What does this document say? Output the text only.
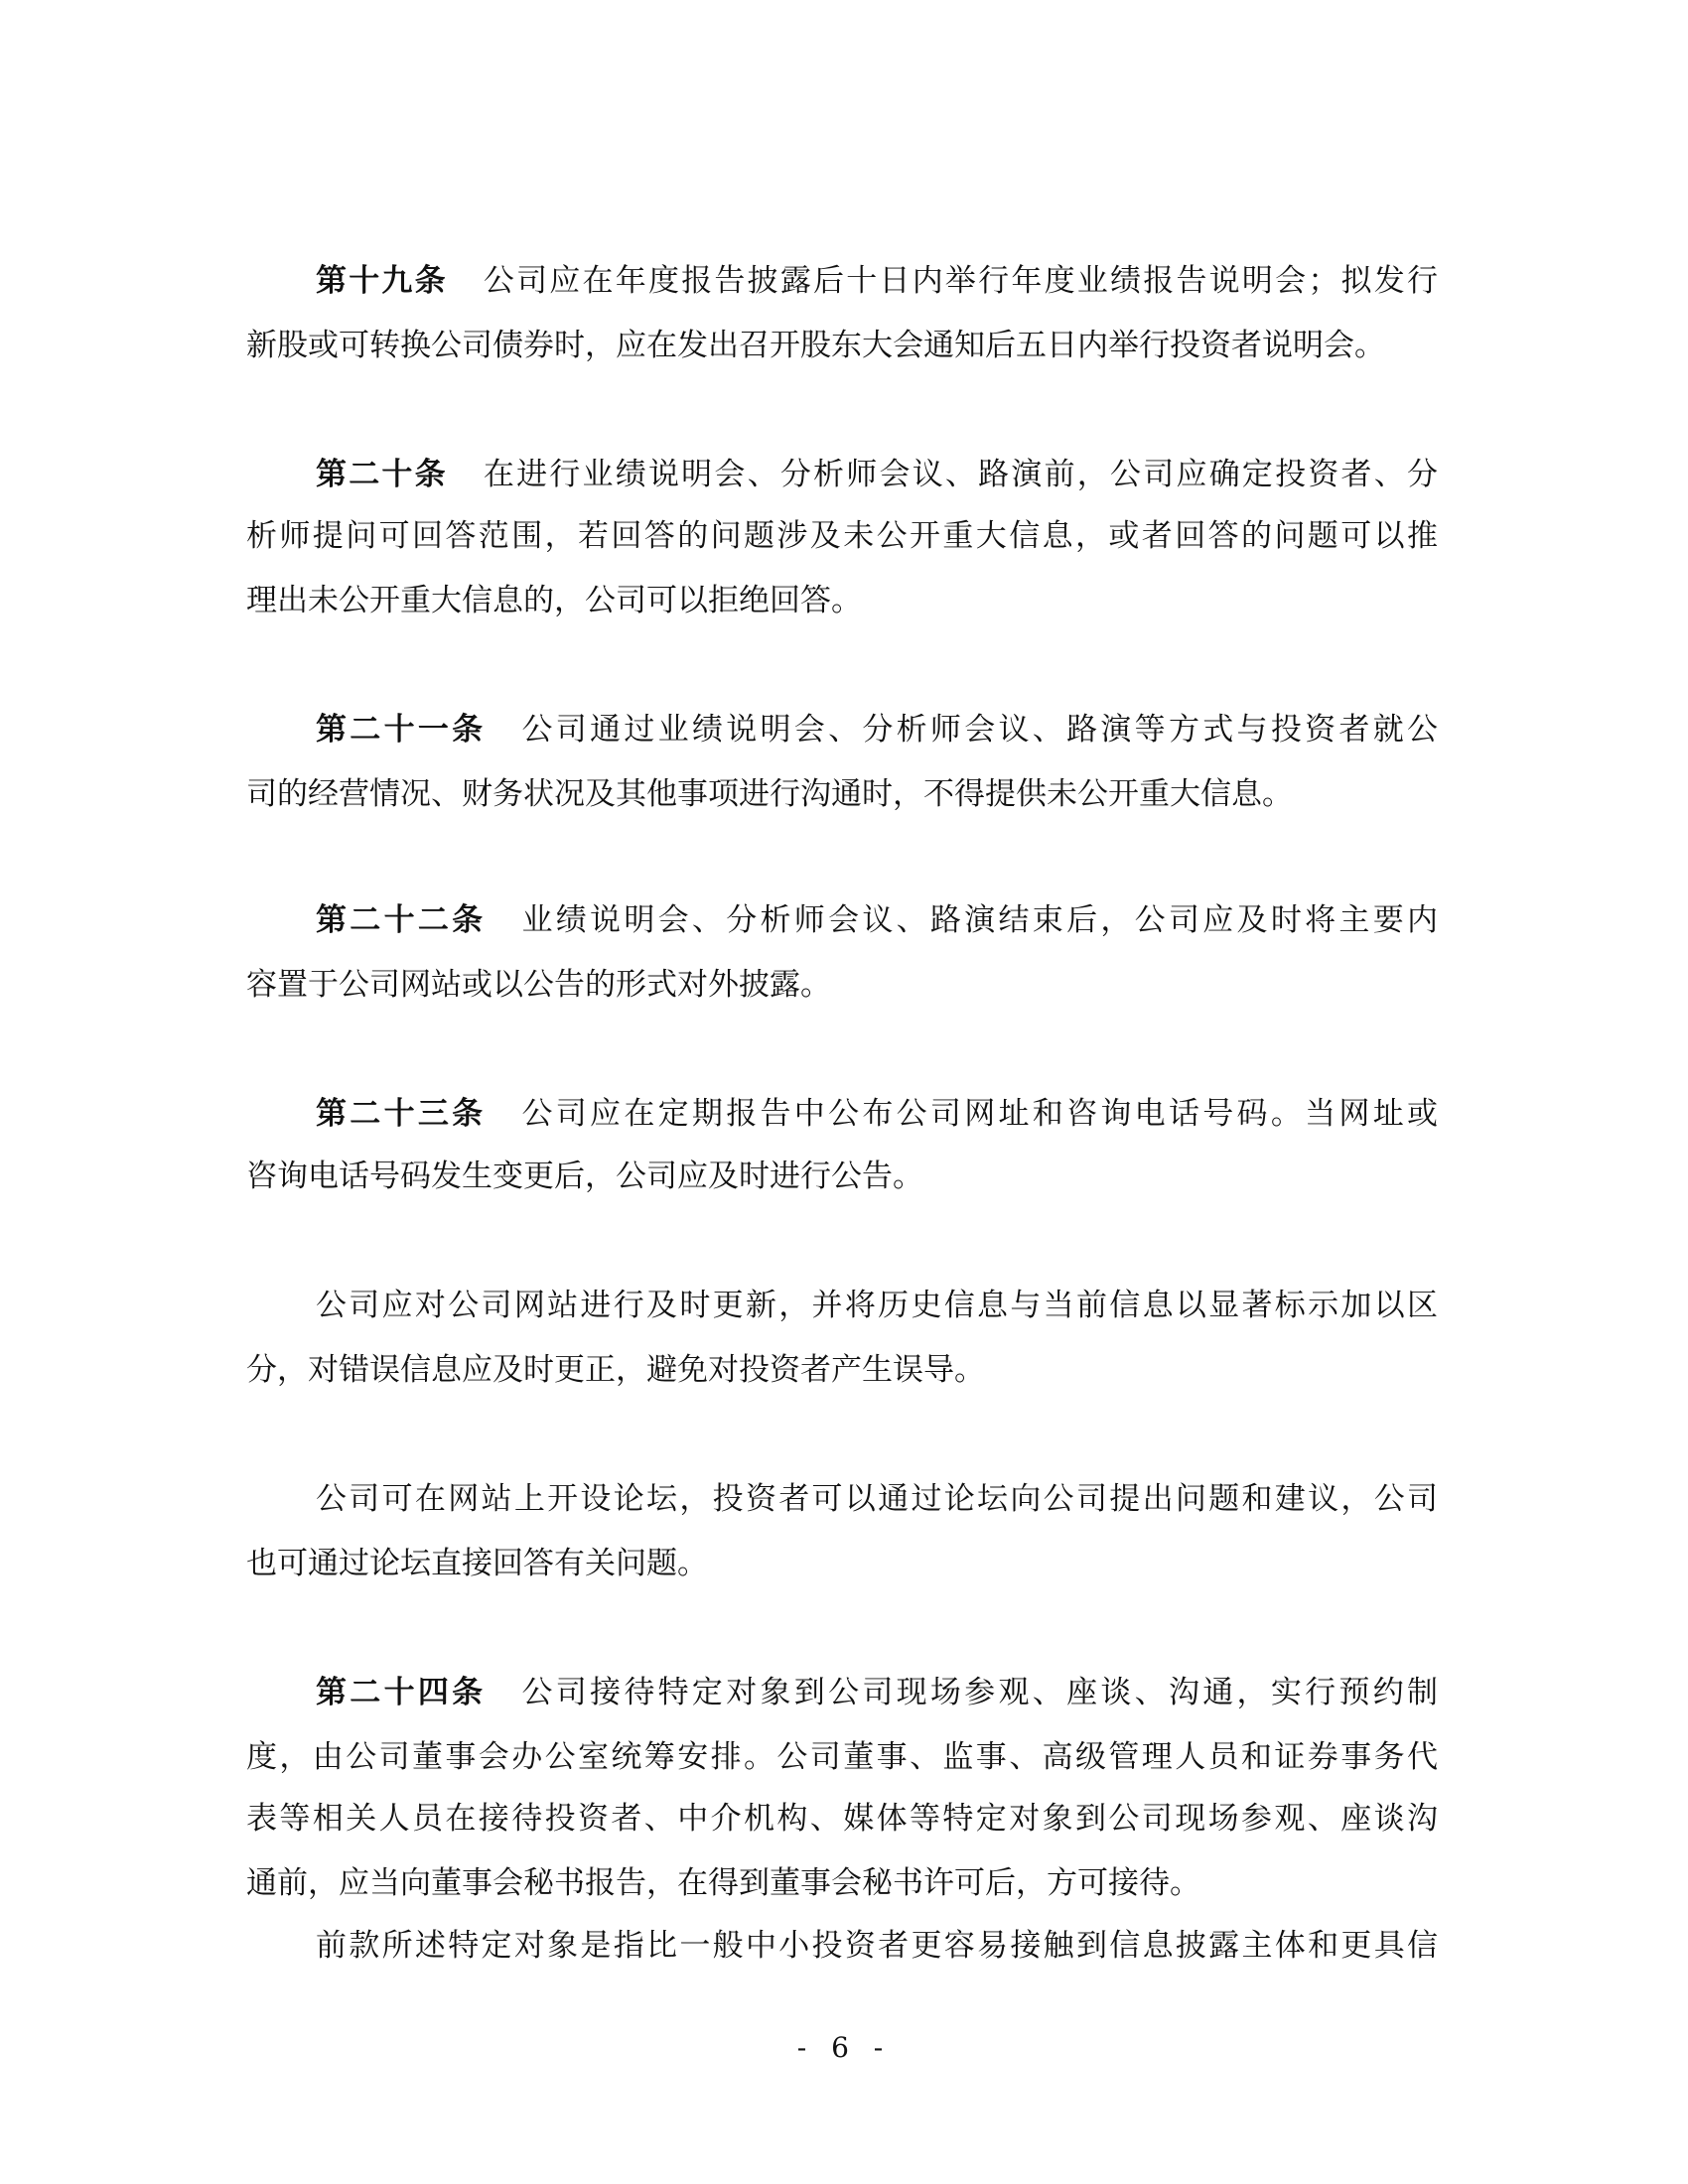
第十九条 公司应在年度报告披露后十日内举行年度业绩报告说明会；拟发行
新股或可转换公司债券时，应在发出召开股东大会通知后五日内举行投资者说明会。
第二十条 在进行业绩说明会、分析师会议、路演前，公司应确定投资者、分
析师提问可回答范围，若回答的问题涉及未公开重大信息，或者回答的问题可以推
理出未公开重大信息的，公司可以拒绝回答。
第二十一条 公司通过业绩说明会、分析师会议、路演等方式与投资者就公
司的经营情况、财务状况及其他事项进行沟通时，不得提供未公开重大信息。
第二十二条 业绩说明会、分析师会议、路演结束后，公司应及时将主要内
容置于公司网站或以公告的形式对外披露。
第二十三条 公司应在定期报告中公布公司网址和咨询电话号码。当网址或
咨询电话号码发生变更后，公司应及时进行公告。
公司应对公司网站进行及时更新，并将历史信息与当前信息以显著标示加以区
分，对错误信息应及时更正，避免对投资者产生误导。
公司可在网站上开设论坛，投资者可以通过论坛向公司提出问题和建议，公司
也可通过论坛直接回答有关问题。
第二十四条 公司接待特定对象到公司现场参观、座谈、沟通，实行预约制
度，由公司董事会办公室统筹安排。公司董事、监事、高级管理人员和证券事务代
表等相关人员在接待投资者、中介机构、媒体等特定对象到公司现场参观、座谈沟
通前，应当向董事会秘书报告，在得到董事会秘书许可后，方可接待。
前款所述特定对象是指比一般中小投资者更容易接触到信息披露主体和更具信
- 6 -
